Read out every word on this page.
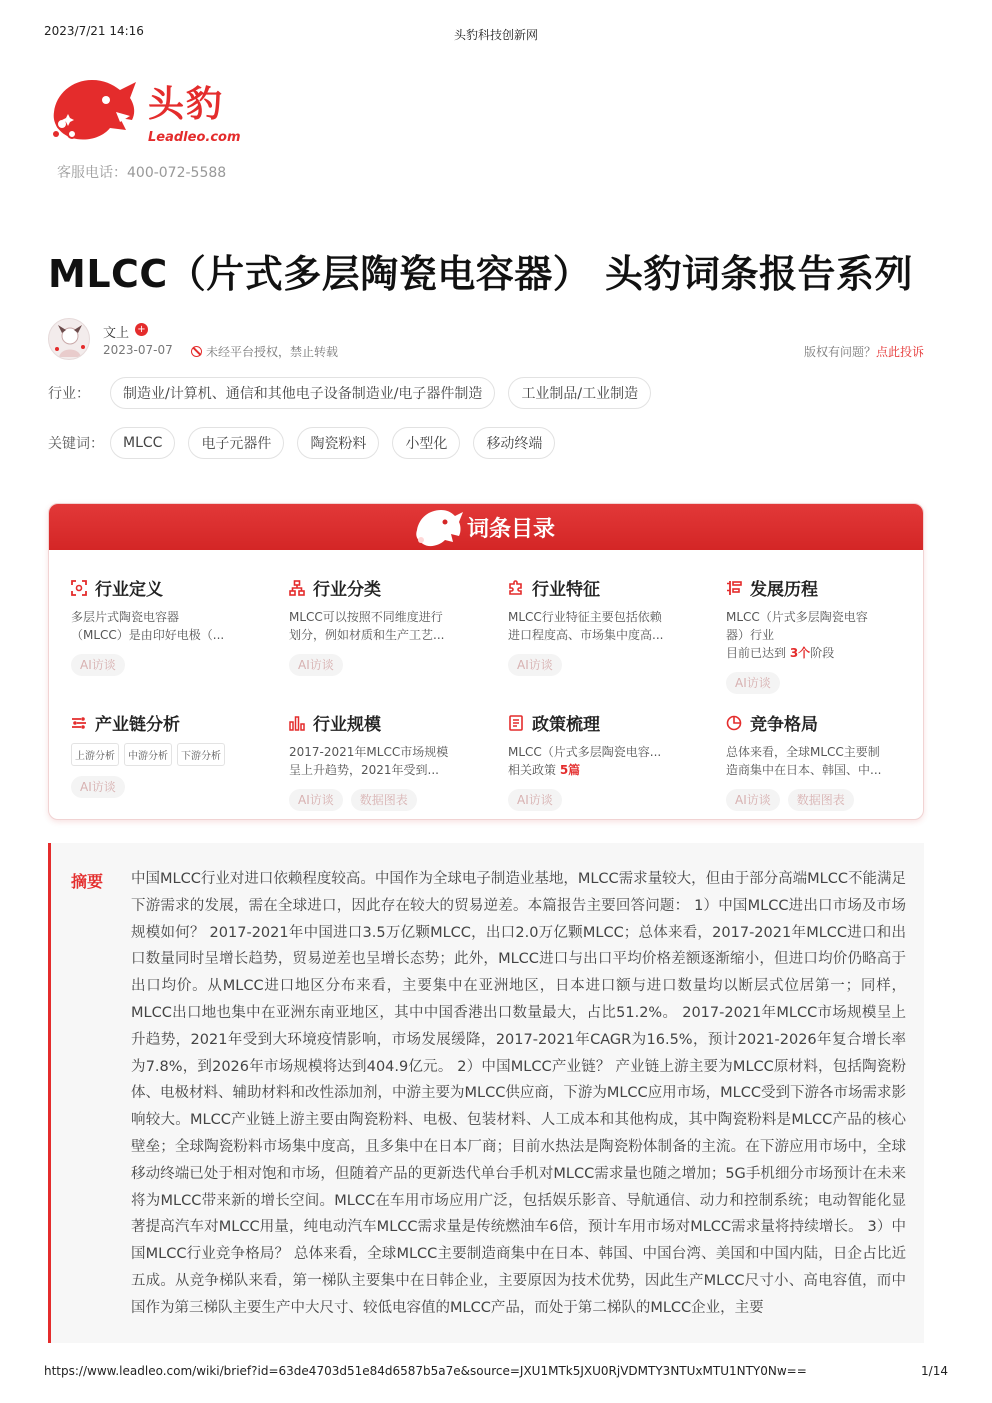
2023/7/21 14:16	头豹科技创新网
头豹
Leadleo.com
客服电话：400-072-5588
MLCC（片式多层陶瓷电容器） 头豹词条报告系列
文上 +
2023-07-07	未经平台授权，禁止转载	版权有问题？点此投诉
行业：	制造业/计算机、通信和其他电子设备制造业/电子器件制造	工业制品/工业制造
关键词：	MLCC	电子元器件	陶瓷粉料	小型化	移动终端
词条目录
行业定义
多层片式陶瓷电容器
（MLCC）是由印好电极（...
AI访谈
行业分类
MLCC可以按照不同维度进行
划分，例如材质和生产工艺...
AI访谈
行业特征
MLCC行业特征主要包括依赖
进口程度高、市场集中度高...
AI访谈
发展历程
MLCC（片式多层陶瓷电容
器）行业
目前已达到 3个阶段
AI访谈
产业链分析
上游分析	中游分析	下游分析
AI访谈
行业规模
2017-2021年MLCC市场规模
呈上升趋势，2021年受到...
AI访谈 数据图表
政策梳理
MLCC（片式多层陶瓷电容...
相关政策 5篇
AI访谈
竞争格局
总体来看，全球MLCC主要制
造商集中在日本、韩国、中...
AI访谈 数据图表
摘要 中国MLCC行业对进口依赖程度较高。中国作为全球电子制造业基地，MLCC需求量较大，但由于部分高端MLCC不能满足下游需求的发展，需在全球进口，因此存在较大的贸易逆差。本篇报告主要回答问题： 1）中国MLCC进出口市场及市场规模如何？ 2017-2021年中国进口3.5万亿颗MLCC，出口2.0万亿颗MLCC；总体来看，2017-2021年MLCC进口和出口数量同时呈增长趋势，贸易逆差也呈增长态势；此外，MLCC进口与出口平均价格差额逐渐缩小，但进口均价仍略高于出口均价。从MLCC进口地区分布来看，主要集中在亚洲地区，日本进口额与进口数量均以断层式位居第一；同样，MLCC出口地也集中在亚洲东南亚地区，其中中国香港出口数量最大，占比51.2%。 2017-2021年MLCC市场规模呈上升趋势，2021年受到大环境疫情影响，市场发展缓降，2017-2021年CAGR为16.5%，预计2021-2026年复合增长率为7.8%，到2026年市场规模将达到404.9亿元。 2）中国MLCC产业链？ 产业链上游主要为MLCC原材料，包括陶瓷粉体、电极材料、辅助材料和改性添加剂，中游主要为MLCC供应商，下游为MLCC应用市场，MLCC受到下游各市场需求影响较大。MLCC产业链上游主要由陶瓷粉料、电极、包装材料、人工成本和其他构成，其中陶瓷粉料是MLCC产品的核心壁垒；全球陶瓷粉料市场集中度高，且多集中在日本厂商；目前水热法是陶瓷粉体制备的主流。在下游应用市场中，全球移动终端已处于相对饱和市场，但随着产品的更新迭代单台手机对MLCC需求量也随之增加；5G手机细分市场预计在未来将为MLCC带来新的增长空间。MLCC在车用市场应用广泛，包括娱乐影音、导航通信、动力和控制系统；电动智能化显著提高汽车对MLCC用量，纯电动汽车MLCC需求量是传统燃油车6倍，预计车用市场对MLCC需求量将持续增长。 3）中国MLCC行业竞争格局？ 总体来看，全球MLCC主要制造商集中在日本、韩国、中国台湾、美国和中国内陆，日企占比近五成。从竞争梯队来看，第一梯队主要集中在日韩企业，主要原因为技术优势，因此生产MLCC尺寸小、高电容值，而中国作为第三梯队主要生产中大尺寸、较低电容值的MLCC产品，而处于第二梯队的MLCC企业，主要

https://www.leadleo.com/wiki/brief?id=63de4703d51e84d6587b5a7e&source=JXU1MTk5JXU0RjVDMTY3NTUxMTU1NTY0Nw==	1/14
